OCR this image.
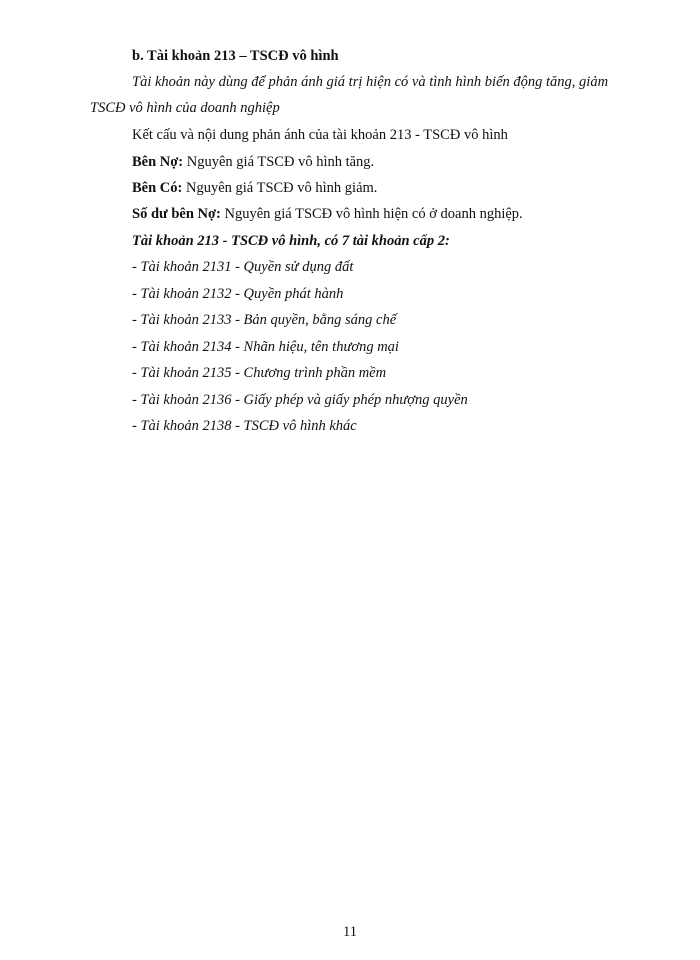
b. Tài khoản 213 – TSCĐ vô hình
Tài khoản này dùng để phản ánh giá trị hiện có và tình hình biến động tăng, giảm
TSCĐ vô hình của doanh nghiệp
Kết cấu và nội dung phản ánh của tài khoản 213 - TSCĐ vô hình
Bên Nợ: Nguyên giá TSCĐ vô hình tăng.
Bên Có: Nguyên giá TSCĐ vô hình giảm.
Số dư bên Nợ: Nguyên giá TSCĐ vô hình hiện có ở doanh nghiệp.
Tài khoản 213 - TSCĐ vô hình, có 7 tài khoản cấp 2:
- Tài khoản 2131 - Quyền sử dụng đất
- Tài khoản 2132 - Quyền phát hành
- Tài khoản 2133 - Bản quyền, bằng sáng chế
- Tài khoản 2134 - Nhãn hiệu, tên thương mại
- Tài khoản 2135 - Chương trình phần mềm
- Tài khoản 2136 - Giấy phép và giấy phép nhượng quyền
- Tài khoản 2138 - TSCĐ vô hình khác
11
